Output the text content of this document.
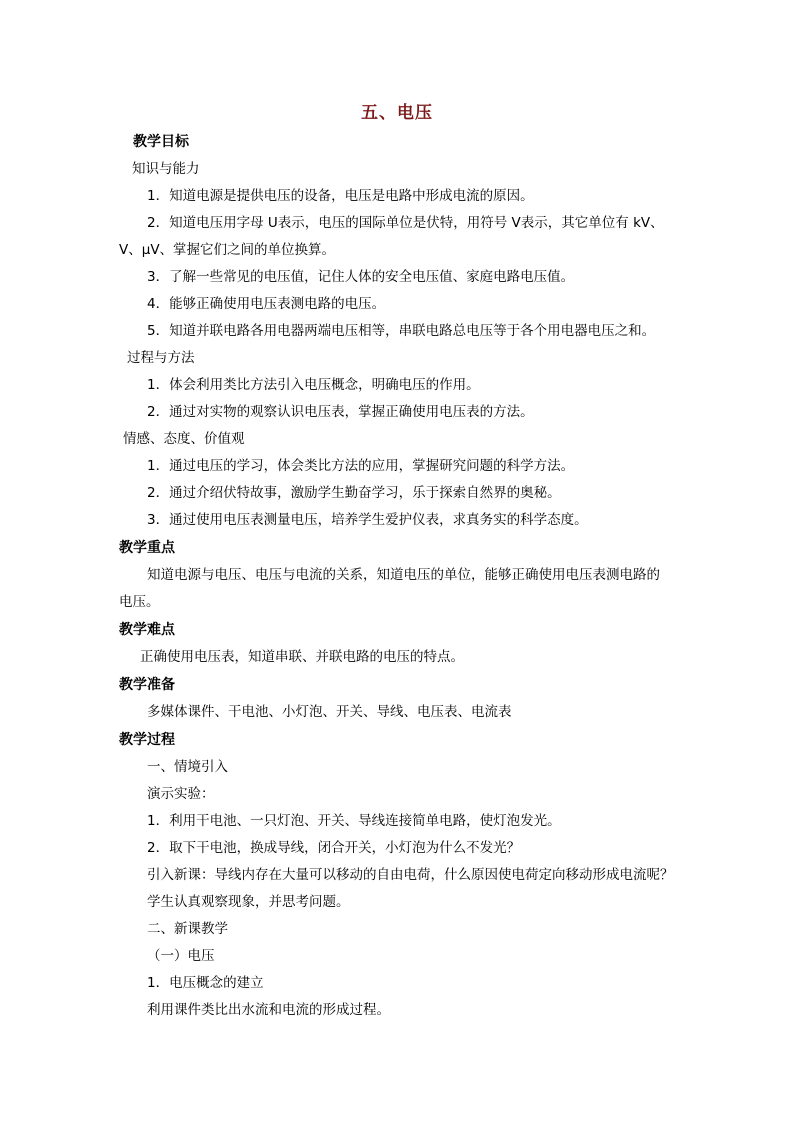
五、电压
教学目标
知识与能力
1．知道电源是提供电压的设备，电压是电路中形成电流的原因。
2．知道电压用字母 U表示，电压的国际单位是伏特，用符号 V表示，其它单位有 kV、
V、μV、掌握它们之间的单位换算。
3．了解一些常见的电压值，记住人体的安全电压值、家庭电路电压值。
4．能够正确使用电压表测电路的电压。
5．知道并联电路各用电器两端电压相等，串联电路总电压等于各个用电器电压之和。
过程与方法
1．体会利用类比方法引入电压概念，明确电压的作用。
2．通过对实物的观察认识电压表，掌握正确使用电压表的方法。
情感、态度、价值观
1．通过电压的学习，体会类比方法的应用，掌握研究问题的科学方法。
2．通过介绍伏特故事，激励学生勤奋学习，乐于探索自然界的奥秘。
3．通过使用电压表测量电压，培养学生爱护仪表，求真务实的科学态度。
教学重点
知道电源与电压、电压与电流的关系，知道电压的单位，能够正确使用电压表测电路的
电压。
教学难点
正确使用电压表，知道串联、并联电路的电压的特点。
教学准备
多媒体课件、干电池、小灯泡、开关、导线、电压表、电流表
教学过程
一、情境引入
演示实验：
1．利用干电池、一只灯泡、开关、导线连接简单电路，使灯泡发光。
2．取下干电池，换成导线，闭合开关，小灯泡为什么不发光？
引入新课：导线内存在大量可以移动的自由电荷，什么原因使电荷定向移动形成电流呢？
学生认真观察现象，并思考问题。
二、新课教学
（一）电压
1．电压概念的建立
利用课件类比出水流和电流的形成过程。
